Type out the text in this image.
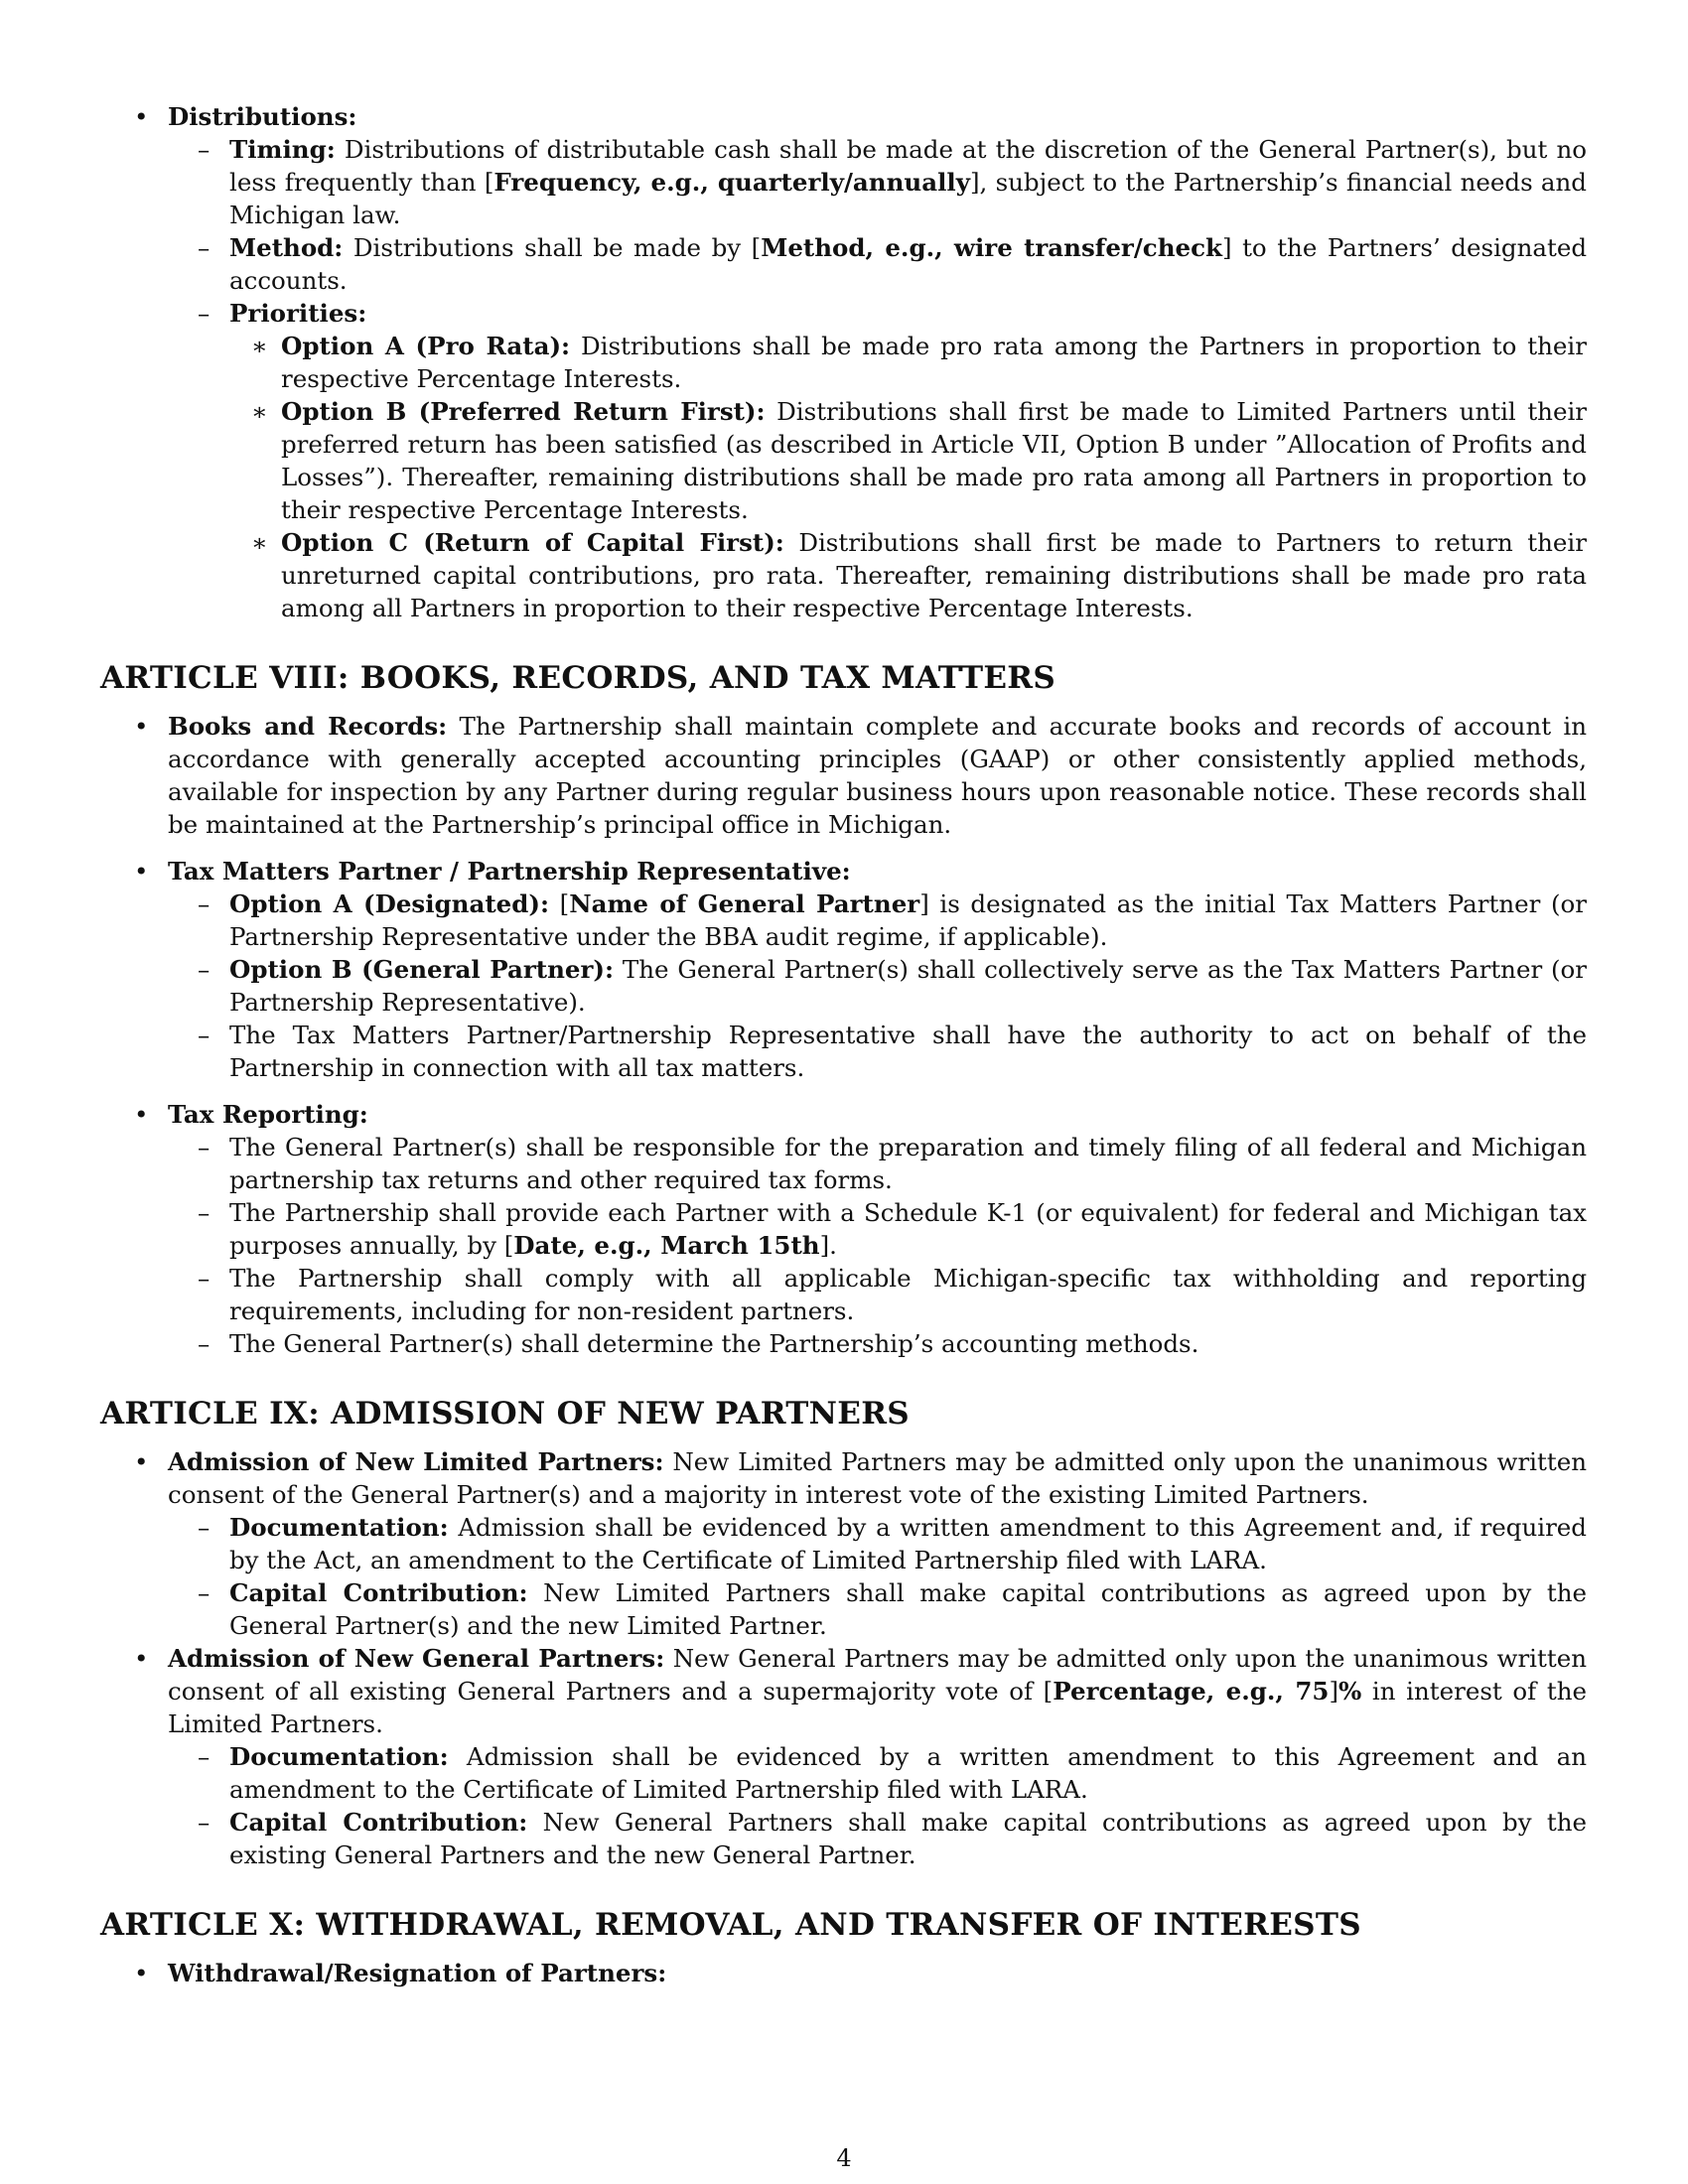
• Distributions:
– Timing: Distributions of distributable cash shall be made at the discretion of the General Partner(s), but no less frequently than [Frequency, e.g., quarterly/annually], subject to the Partnership’s financial needs and Michigan law.
– Method: Distributions shall be made by [Method, e.g., wire transfer/check] to the Partners’ designated accounts.
– Priorities:
∗ Option A (Pro Rata): Distributions shall be made pro rata among the Partners in proportion to their respective Percentage Interests.
∗ Option B (Preferred Return First): Distributions shall first be made to Limited Partners until their preferred return has been satisfied (as described in Article VII, Option B under ”Allocation of Profits and Losses”). Thereafter, remaining distributions shall be made pro rata among all Partners in proportion to their respective Percentage Interests.
∗ Option C (Return of Capital First): Distributions shall first be made to Partners to return their unreturned capital contributions, pro rata. Thereafter, remaining distributions shall be made pro rata among all Partners in proportion to their respective Percentage Interests.
ARTICLE VIII: BOOKS, RECORDS, AND TAX MATTERS
• Books and Records: The Partnership shall maintain complete and accurate books and records of account in accordance with generally accepted accounting principles (GAAP) or other consistently applied methods, available for inspection by any Partner during regular business hours upon reasonable notice. These records shall be maintained at the Partnership’s principal office in Michigan.
• Tax Matters Partner / Partnership Representative:
– Option A (Designated): [Name of General Partner] is designated as the initial Tax Matters Partner (or Partnership Representative under the BBA audit regime, if applicable).
– Option B (General Partner): The General Partner(s) shall collectively serve as the Tax Matters Partner (or Partnership Representative).
– The Tax Matters Partner/Partnership Representative shall have the authority to act on behalf of the Partnership in connection with all tax matters.
• Tax Reporting:
– The General Partner(s) shall be responsible for the preparation and timely filing of all federal and Michigan partnership tax returns and other required tax forms.
– The Partnership shall provide each Partner with a Schedule K-1 (or equivalent) for federal and Michigan tax purposes annually, by [Date, e.g., March 15th].
– The Partnership shall comply with all applicable Michigan-specific tax withholding and reporting requirements, including for non-resident partners.
– The General Partner(s) shall determine the Partnership’s accounting methods.
ARTICLE IX: ADMISSION OF NEW PARTNERS
• Admission of New Limited Partners: New Limited Partners may be admitted only upon the unanimous written consent of the General Partner(s) and a majority in interest vote of the existing Limited Partners.
– Documentation: Admission shall be evidenced by a written amendment to this Agreement and, if required by the Act, an amendment to the Certificate of Limited Partnership filed with LARA.
– Capital Contribution: New Limited Partners shall make capital contributions as agreed upon by the General Partner(s) and the new Limited Partner.
• Admission of New General Partners: New General Partners may be admitted only upon the unanimous written consent of all existing General Partners and a supermajority vote of [Percentage, e.g., 75]% in interest of the Limited Partners.
– Documentation: Admission shall be evidenced by a written amendment to this Agreement and an amendment to the Certificate of Limited Partnership filed with LARA.
– Capital Contribution: New General Partners shall make capital contributions as agreed upon by the existing General Partners and the new General Partner.
ARTICLE X: WITHDRAWAL, REMOVAL, AND TRANSFER OF INTERESTS
• Withdrawal/Resignation of Partners:
4
